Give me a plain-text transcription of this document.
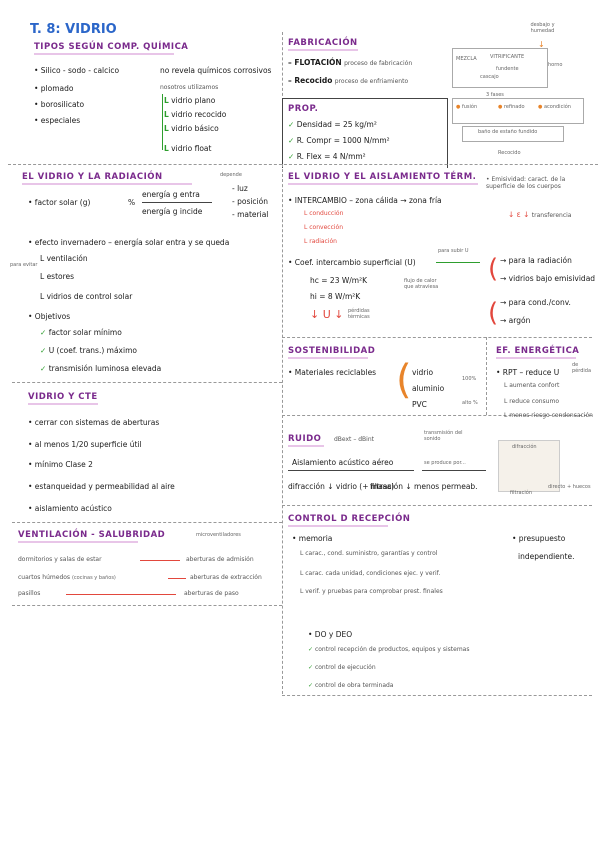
T. 8: VIDRIO
TIPOS SEGÚN COMP. QUÍMICA
• Silico - sodo - calcico	no revela químicos corrosivos
nosotros utilizamos
• plomado
• borosilicato
• especiales
L vidrio plano
L vidrio recocido
L vidrio básico
L vidrio float
FABRICACIÓN
– FLOTACIÓN proceso de fabricación
– Recocido proceso de enfriamiento
desbajo y humedad
↓
MEZCLA	VITRIFICANTE
fundente
cascajo
horno
3 fases
● fusión	● refinado	● acondición
baño de estaño fundido
Recocido
PROP.
✓ Densidad = 25 kg/m²
✓ R. Compr = 1000 N/mm²
✓ R. Flex = 4 N/mm²
EL VIDRIO Y LA RADIACIÓN
• factor solar (g)	%
energía g entra
energía g incide
depende
- luz
- posición
- material
• efecto invernadero – energía solar entra y se queda
para evitar
L ventilación
L estores
L vidrios de control solar
• Objetivos
✓ factor solar mínimo
✓ U (coef. trans.) máximo
✓ transmisión luminosa elevada
EL VIDRIO Y EL AISLAMIENTO TÉRM.
• INTERCAMBIO – zona cálida → zona fría
L conducción
L convección
L radiación
• Coef. intercambio superficial (U)
para subir U
hc = 23 W/m²K
hi = 8 W/m²K
flujo de calor que atraviesa
↓ U ↓ pérdidas térmicas
• Emisividad: caract. de la superficie de los cuerpos
↓ ε ↓ transferencia
( → para la radiación
→ vidrios bajo emisividad
( → para cond./conv.
→ argón
VIDRIO Y CTE
• cerrar con sistemas de aberturas
• al menos 1/20 superficie útil
• mínimo Clase 2
• estanqueidad y permeabilidad al aire
• aislamiento acústico
SOSTENIBILIDAD
• Materiales reciclables ( vidrio
aluminio
PVC
100%
alto %
EF. ENERGÉTICA
• RPT – reduce U
de pérdida
L aumenta confort
L reduce consumo
L menos riesgo condensación
RUIDO dBext – dBint
transmisión del sonido
Aislamiento acústico aéreo	se produce por...
difracción ↓ vidrio (+ masa)
filtración ↓ menos permeab.
difracción
filtración
directo + huecos
VENTILACIÓN - SALUBRIDAD	microventiladores
dormitorios y salas de estar	aberturas de admisión
cuartos húmedos (cocinas y baños)	aberturas de extracción
pasillos	aberturas de paso
CONTROL D RECEPCIÓN
• memoria
L carac., cond. suministro, garantías y control
L carac. cada unidad, condiciones ejec. y verif.
L verif. y pruebas para comprobar prest. finales
• presupuesto
independiente.
• DO y DEO
✓ control recepción de productos, equipos y sistemas
✓ control de ejecución
✓ control de obra terminada
